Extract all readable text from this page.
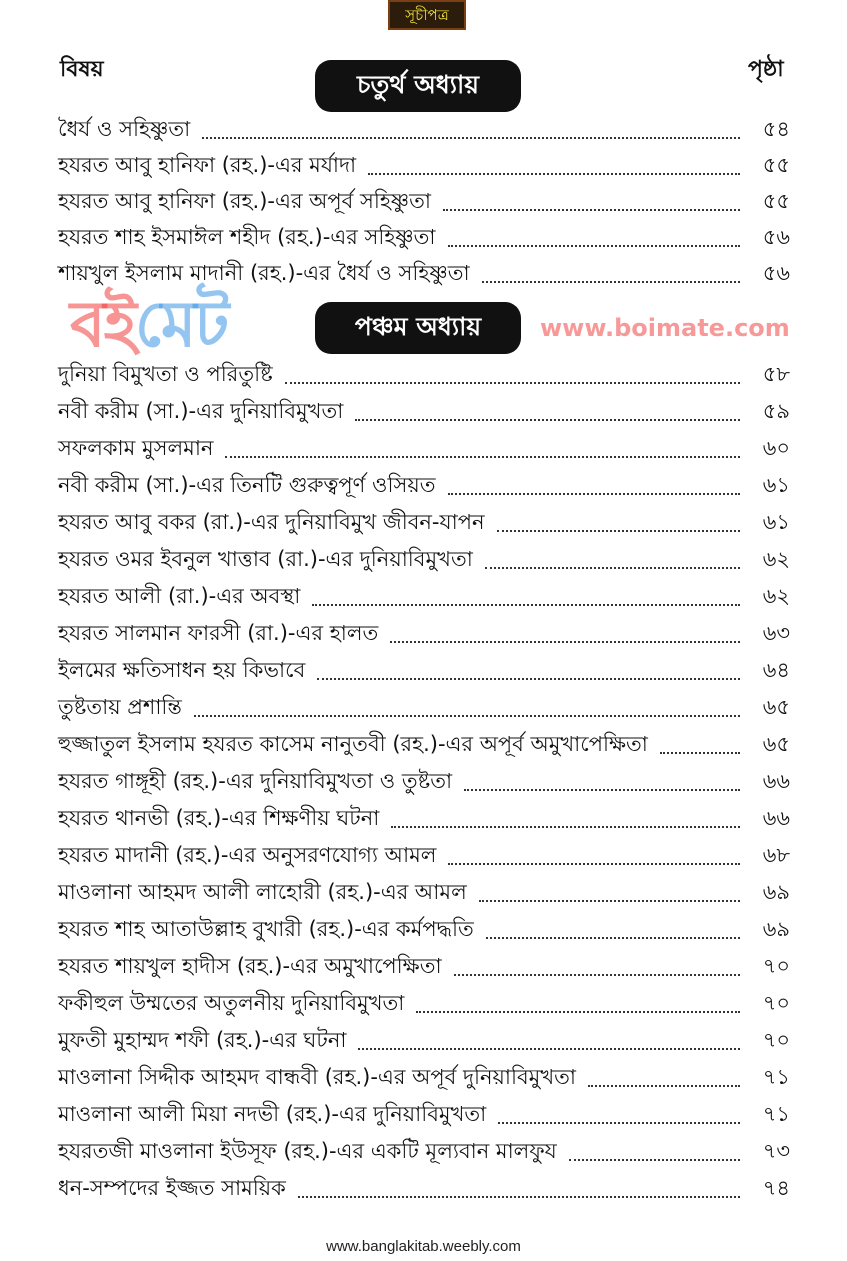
সূচীপত্র
বিষয়	পৃষ্ঠা
চতুর্থ অধ্যায়
ধৈর্য ও সহিষ্ণুতা	৫৪
হযরত আবু হানিফা (রহ.)-এর মর্যাদা	৫৫
হযরত আবু হানিফা (রহ.)-এর অপূর্ব সহিষ্ণুতা	৫৫
হযরত শাহ ইসমাঈল শহীদ (রহ.)-এর সহিষ্ণুতা	৫৬
শায়খুল ইসলাম মাদানী (রহ.)-এর ধৈর্য ও সহিষ্ণুতা	৫৬
পঞ্চম অধ্যায়
দুনিয়া বিমুখতা ও পরিতুষ্টি	৫৮
নবী করীম (সা.)-এর দুনিয়াবিমুখতা	৫৯
সফলকাম মুসলমান	৬০
নবী করীম (সা.)-এর তিনটি গুরুত্বপূর্ণ ওসিয়ত	৬১
হযরত আবু বকর (রা.)-এর দুনিয়াবিমুখ জীবন-যাপন	৬১
হযরত ওমর ইবনুল খাত্তাব (রা.)-এর দুনিয়াবিমুখতা	৬২
হযরত আলী (রা.)-এর অবস্থা	৬২
হযরত সালমান ফারসী (রা.)-এর হালত	৬৩
ইলমের ক্ষতিসাধন হয় কিভাবে	৬৪
তুষ্টতায় প্রশান্তি	৬৫
হুজ্জাতুল ইসলাম হযরত কাসেম নানুতবী (রহ.)-এর অপূর্ব অমুখাপেক্ষিতা	৬৫
হযরত গাঙ্গূহী (রহ.)-এর দুনিয়াবিমুখতা ও তুষ্টতা	৬৬
হযরত থানভী (রহ.)-এর শিক্ষণীয় ঘটনা	৬৬
হযরত মাদানী (রহ.)-এর অনুসরণযোগ্য আমল	৬৮
মাওলানা আহমদ আলী লাহোরী (রহ.)-এর আমল	৬৯
হযরত শাহ আতাউল্লাহ বুখারী (রহ.)-এর কর্মপদ্ধতি	৬৯
হযরত শায়খুল হাদীস (রহ.)-এর অমুখাপেক্ষিতা	৭০
ফকীহুল উম্মতের অতুলনীয় দুনিয়াবিমুখতা	৭০
মুফতী মুহাম্মদ শফী (রহ.)-এর ঘটনা	৭০
মাওলানা সিদ্দীক আহমদ বান্ধবী (রহ.)-এর অপূর্ব দুনিয়াবিমুখতা	৭১
মাওলানা আলী মিয়া নদভী (রহ.)-এর দুনিয়াবিমুখতা	৭১
হযরতজী মাওলানা ইউসূফ (রহ.)-এর একটি মূল্যবান মালফুয	৭৩
ধন-সম্পদের ইজ্জত সাময়িক	৭৪
বইমেট	www.boimate.com
www.banglakitab.weebly.com
